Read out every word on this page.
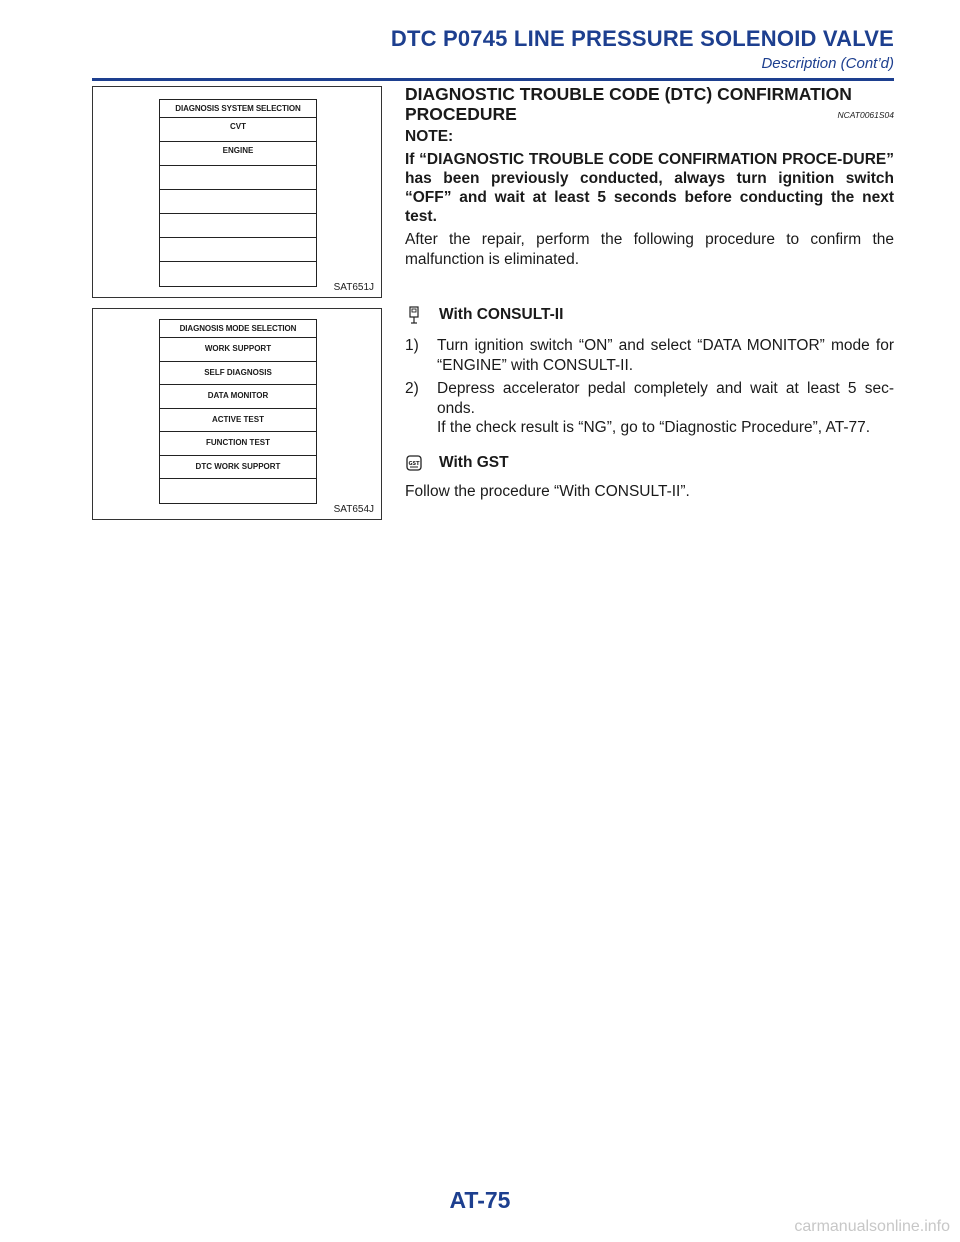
DTC P0745 LINE PRESSURE SOLENOID VALVE
Description (Cont’d)
DIAGNOSIS SYSTEM SELECTION
CVT
ENGINE
SAT651J
DIAGNOSIS MODE SELECTION
WORK SUPPORT
SELF DIAGNOSIS
DATA MONITOR
ACTIVE TEST
FUNCTION TEST
DTC WORK SUPPORT
SAT654J
DIAGNOSTIC TROUBLE CODE (DTC) CONFIRMATION PROCEDURE	NCAT0061S04
NOTE:

If “DIAGNOSTIC TROUBLE CODE CONFIRMATION PROCE-DURE” has been previously conducted, always turn ignition switch “OFF” and wait at least 5 seconds before conducting the next test.

After the repair, perform the following procedure to confirm the malfunction is eliminated.

With CONSULT-II
1) Turn ignition switch “ON” and select “DATA MONITOR” mode for “ENGINE” with CONSULT-II.
2) Depress accelerator pedal completely and wait at least 5 sec-onds.
If the check result is “NG”, go to “Diagnostic Procedure”, AT-77.
GST With GST

Follow the procedure “With CONSULT-II”.

AT-75
carmanualsonline.info
